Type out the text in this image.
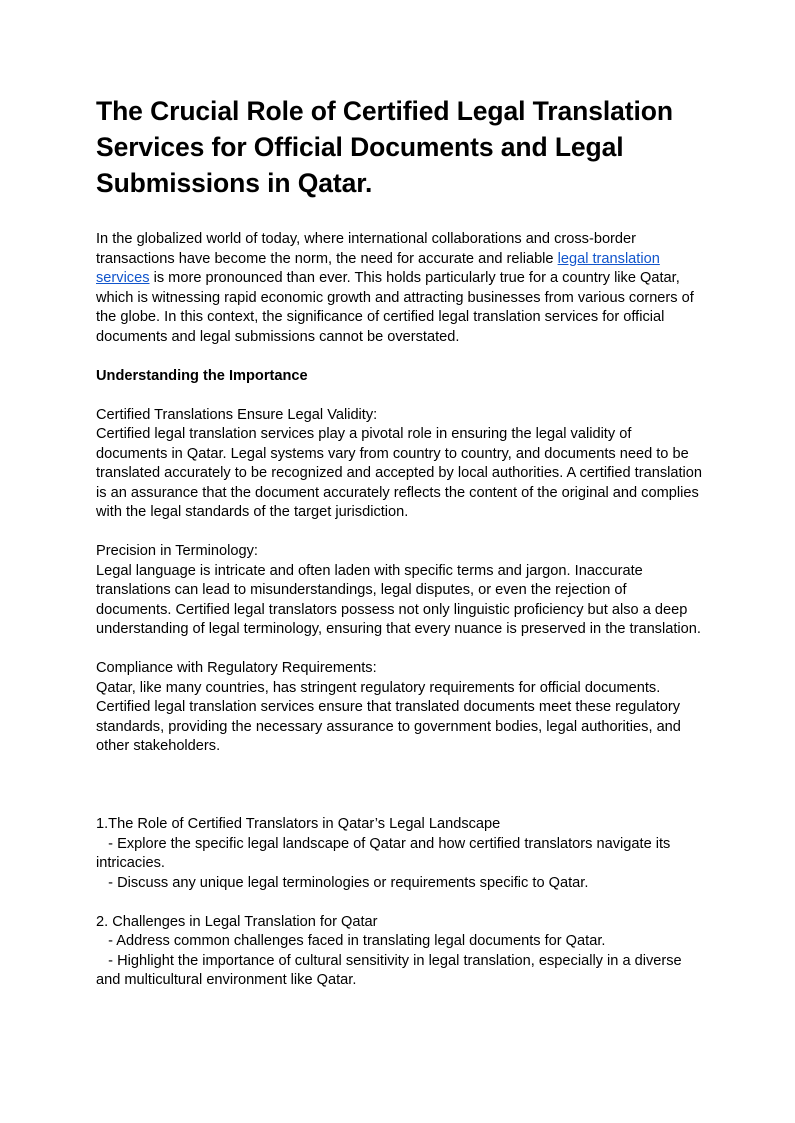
The Crucial Role of Certified Legal Translation Services for Official Documents and Legal Submissions in Qatar.

In the globalized world of today, where international collaborations and cross-border transactions have become the norm, the need for accurate and reliable legal translation services is more pronounced than ever. This holds particularly true for a country like Qatar, which is witnessing rapid economic growth and attracting businesses from various corners of the globe. In this context, the significance of certified legal translation services for official documents and legal submissions cannot be overstated.

Understanding the Importance

Certified Translations Ensure Legal Validity:

Certified legal translation services play a pivotal role in ensuring the legal validity of documents in Qatar. Legal systems vary from country to country, and documents need to be translated accurately to be recognized and accepted by local authorities. A certified translation is an assurance that the document accurately reflects the content of the original and complies with the legal standards of the target jurisdiction.

Precision in Terminology:

Legal language is intricate and often laden with specific terms and jargon. Inaccurate translations can lead to misunderstandings, legal disputes, or even the rejection of documents. Certified legal translators possess not only linguistic proficiency but also a deep understanding of legal terminology, ensuring that every nuance is preserved in the translation.

Compliance with Regulatory Requirements:

Qatar, like many countries, has stringent regulatory requirements for official documents. Certified legal translation services ensure that translated documents meet these regulatory standards, providing the necessary assurance to government bodies, legal authorities, and other stakeholders.

1.The Role of Certified Translators in Qatar’s Legal Landscape

- Explore the specific legal landscape of Qatar and how certified translators navigate its intricacies.

- Discuss any unique legal terminologies or requirements specific to Qatar.

2. Challenges in Legal Translation for Qatar

- Address common challenges faced in translating legal documents for Qatar.

- Highlight the importance of cultural sensitivity in legal translation, especially in a diverse and multicultural environment like Qatar.
